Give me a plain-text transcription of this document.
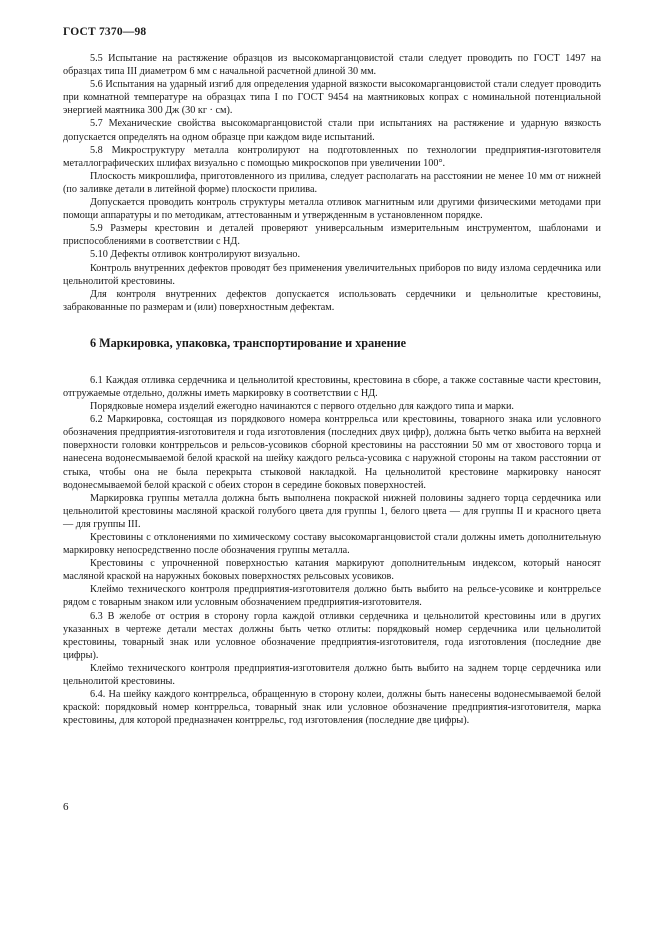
ГОСТ 7370—98

5.5 Испытание на растяжение образцов из высокомарганцовистой стали следует проводить по ГОСТ 1497 на образцах типа III диаметром 6 мм с начальной расчетной длиной 30 мм.

5.6 Испытания на ударный изгиб для определения ударной вязкости высокомарганцовистой стали следует проводить при комнатной температуре на образцах типа I по ГОСТ 9454 на маятниковых копрах с номинальной потенциальной энергией маятника 300 Дж (30 кг · см).

5.7 Механические свойства высокомарганцовистой стали при испытаниях на растяжение и ударную вязкость допускается определять на одном образце при каждом виде испытаний.

5.8 Микроструктуру металла контролируют на подготовленных по технологии предприятия-изготовителя металлографических шлифах визуально с помощью микроскопов при увеличении 100°.

Плоскость микрошлифа, приготовленного из прилива, следует располагать на расстоянии не менее 10 мм от нижней (по заливке детали в литейной форме) плоскости прилива.

Допускается проводить контроль структуры металла отливок магнитным или другими физическими методами при помощи аппаратуры и по методикам, аттестованным и утвержденным в установленном порядке.

5.9 Размеры крестовин и деталей проверяют универсальным измерительным инструментом, шаблонами и приспособлениями в соответствии с НД.

5.10 Дефекты отливок контролируют визуально.

Контроль внутренних дефектов проводят без применения увеличительных приборов по виду излома сердечника или цельнолитой крестовины.

Для контроля внутренних дефектов допускается использовать сердечники и цельнолитые крестовины, забракованные по размерам и (или) поверхностным дефектам.

6 Маркировка, упаковка, транспортирование и хранение

6.1 Каждая отливка сердечника и цельнолитой крестовины, крестовина в сборе, а также составные части крестовин, отгружаемые отдельно, должны иметь маркировку в соответствии с НД.

Порядковые номера изделий ежегодно начинаются с первого отдельно для каждого типа и марки.

6.2 Маркировка, состоящая из порядкового номера контррельса или крестовины, товарного знака или условного обозначения предприятия-изготовителя и года изготовления (последних двух цифр), должна быть четко выбита на верхней поверхности головки контррельсов и рельсов-усовиков сборной крестовины на расстоянии 50 мм от хвостового торца и нанесена водонесмываемой белой краской на шейку каждого рельса-усовика с наружной стороны на таком расстоянии от стыка, чтобы она не была перекрыта стыковой накладкой. На цельнолитой крестовине маркировку наносят водонесмываемой белой краской с обеих сторон в середине боковых поверхностей.

Маркировка группы металла должна быть выполнена покраской нижней половины заднего торца сердечника или цельнолитой крестовины масляной краской голубого цвета для группы 1, белого цвета — для группы II и красного цвета — для группы III.

Крестовины с отклонениями по химическому составу высокомарганцовистой стали должны иметь дополнительную маркировку непосредственно после обозначения группы металла.

Крестовины с упрочненной поверхностью катания маркируют дополнительным индексом, который наносят масляной краской на наружных боковых поверхностях рельсовых усовиков.

Клеймо технического контроля предприятия-изготовителя должно быть выбито на рельсе-усовике и контррельсе рядом с товарным знаком или условным обозначением предприятия-изготовителя.

6.3 В желобе от острия в сторону горла каждой отливки сердечника и цельнолитой крестовины или в других указанных в чертеже детали местах должны быть четко отлиты: порядковый номер сердечника или цельнолитой крестовины, товарный знак или условное обозначение предприятия-изготовителя, года изготовления (последние две цифры).

Клеймо технического контроля предприятия-изготовителя должно быть выбито на заднем торце сердечника или цельнолитой крестовины.

6.4. На шейку каждого контррельса, обращенную в сторону колеи, должны быть нанесены водонесмываемой белой краской: порядковый номер контррельса, товарный знак или условное обозначение предприятия-изготовителя, марка крестовины, для которой предназначен контррельс, год изготовления (последние две цифры).

6
